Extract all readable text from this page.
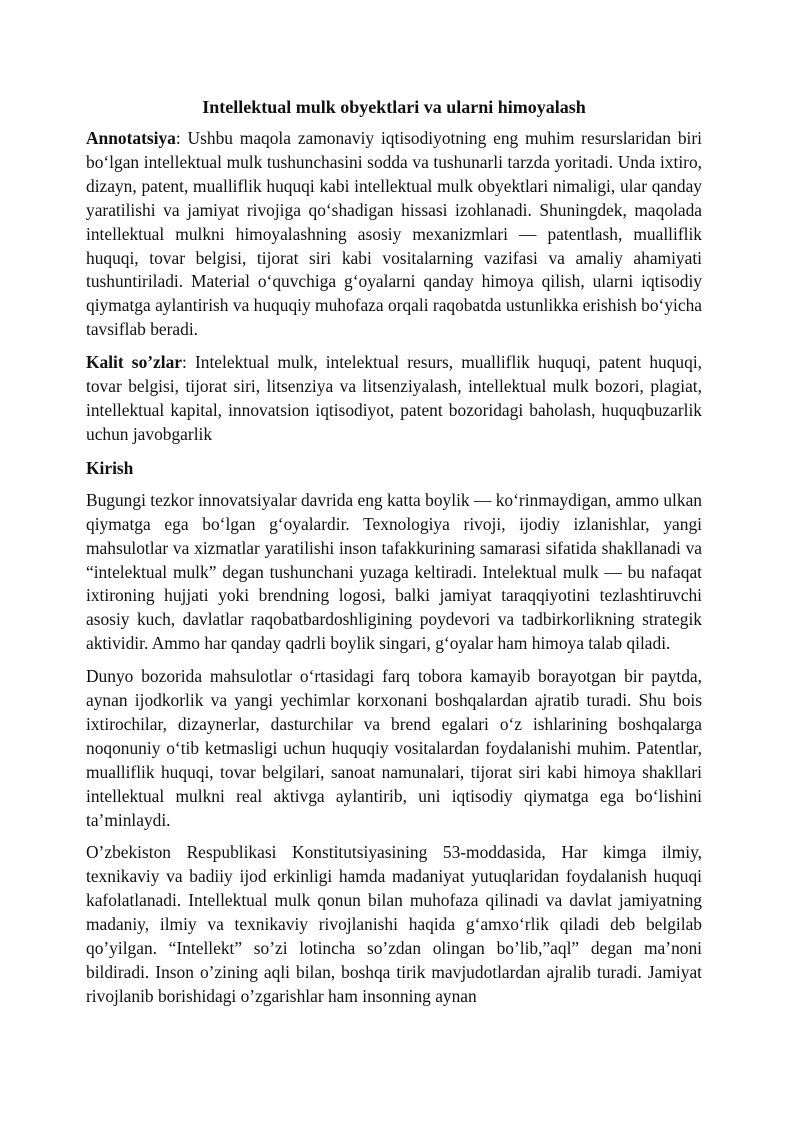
Intellektual mulk obyektlari va ularni himoyalash

Annotatsiya: Ushbu maqola zamonaviy iqtisodiyotning eng muhim resurslaridan biri bo‘lgan intellektual mulk tushunchasini sodda va tushunarli tarzda yoritadi. Unda ixtiro, dizayn, patent, mualliflik huquqi kabi intellektual mulk obyektlari nimaligi, ular qanday yaratilishi va jamiyat rivojiga qo‘shadigan hissasi izohlanadi. Shuningdek, maqolada intellektual mulkni himoyalashning asosiy mexanizmlari — patentlash, mualliflik huquqi, tovar belgisi, tijorat siri kabi vositalarning vazifasi va amaliy ahamiyati tushuntiriladi. Material o‘quvchiga g‘oyalarni qanday himoya qilish, ularni iqtisodiy qiymatga aylantirish va huquqiy muhofaza orqali raqobatda ustunlikka erishish bo‘yicha tavsiflab beradi.

Kalit so’zlar: Intelektual mulk, intelektual resurs, mualliflik huquqi, patent huquqi, tovar belgisi, tijorat siri, litsenziya va litsenziyalash, intellektual mulk bozori, plagiat, intellektual kapital, innovatsion iqtisodiyot, patent bozoridagi baholash, huquqbuzarlik uchun javobgarlik

Kirish

Bugungi tezkor innovatsiyalar davrida eng katta boylik — ko‘rinmaydigan, ammo ulkan qiymatga ega bo‘lgan g‘oyalardir. Texnologiya rivoji, ijodiy izlanishlar, yangi mahsulotlar va xizmatlar yaratilishi inson tafakkurining samarasi sifatida shakllanadi va “intelektual mulk” degan tushunchani yuzaga keltiradi. Intelektual mulk — bu nafaqat ixtironing hujjati yoki brendning logosi, balki jamiyat taraqqiyotini tezlashtiruvchi asosiy kuch, davlatlar raqobatbardoshligining poydevori va tadbirkorlikning strategik aktividir. Ammo har qanday qadrli boylik singari, g‘oyalar ham himoya talab qiladi.

Dunyo bozorida mahsulotlar o‘rtasidagi farq tobora kamayib borayotgan bir paytda, aynan ijodkorlik va yangi yechimlar korxonani boshqalardan ajratib turadi. Shu bois ixtirochilar, dizaynerlar, dasturchilar va brend egalari o‘z ishlarining boshqalarga noqonuniy o‘tib ketmasligi uchun huquqiy vositalardan foydalanishi muhim. Patentlar, mualliflik huquqi, tovar belgilari, sanoat namunalari, tijorat siri kabi himoya shakllari intellektual mulkni real aktivga aylantirib, uni iqtisodiy qiymatga ega bo‘lishini ta’minlaydi.

O’zbekiston Respublikasi Konstitutsiyasining 53-moddasida, Har kimga ilmiy, texnikaviy va badiiy ijod erkinligi hamda madaniyat yutuqlaridan foydalanish huquqi kafolatlanadi. Intellektual mulk qonun bilan muhofaza qilinadi va davlat jamiyatning madaniy, ilmiy va texnikaviy rivojlanishi haqida g‘amxo‘rlik qiladi deb belgilab qo’yilgan. “Intellekt” so’zi lotincha so’zdan olingan bo’lib,”aql” degan ma’noni bildiradi. Inson o’zining aqli bilan, boshqa tirik mavjudotlardan ajralib turadi. Jamiyat rivojlanib borishidagi o’zgarishlar ham insonning aynan
